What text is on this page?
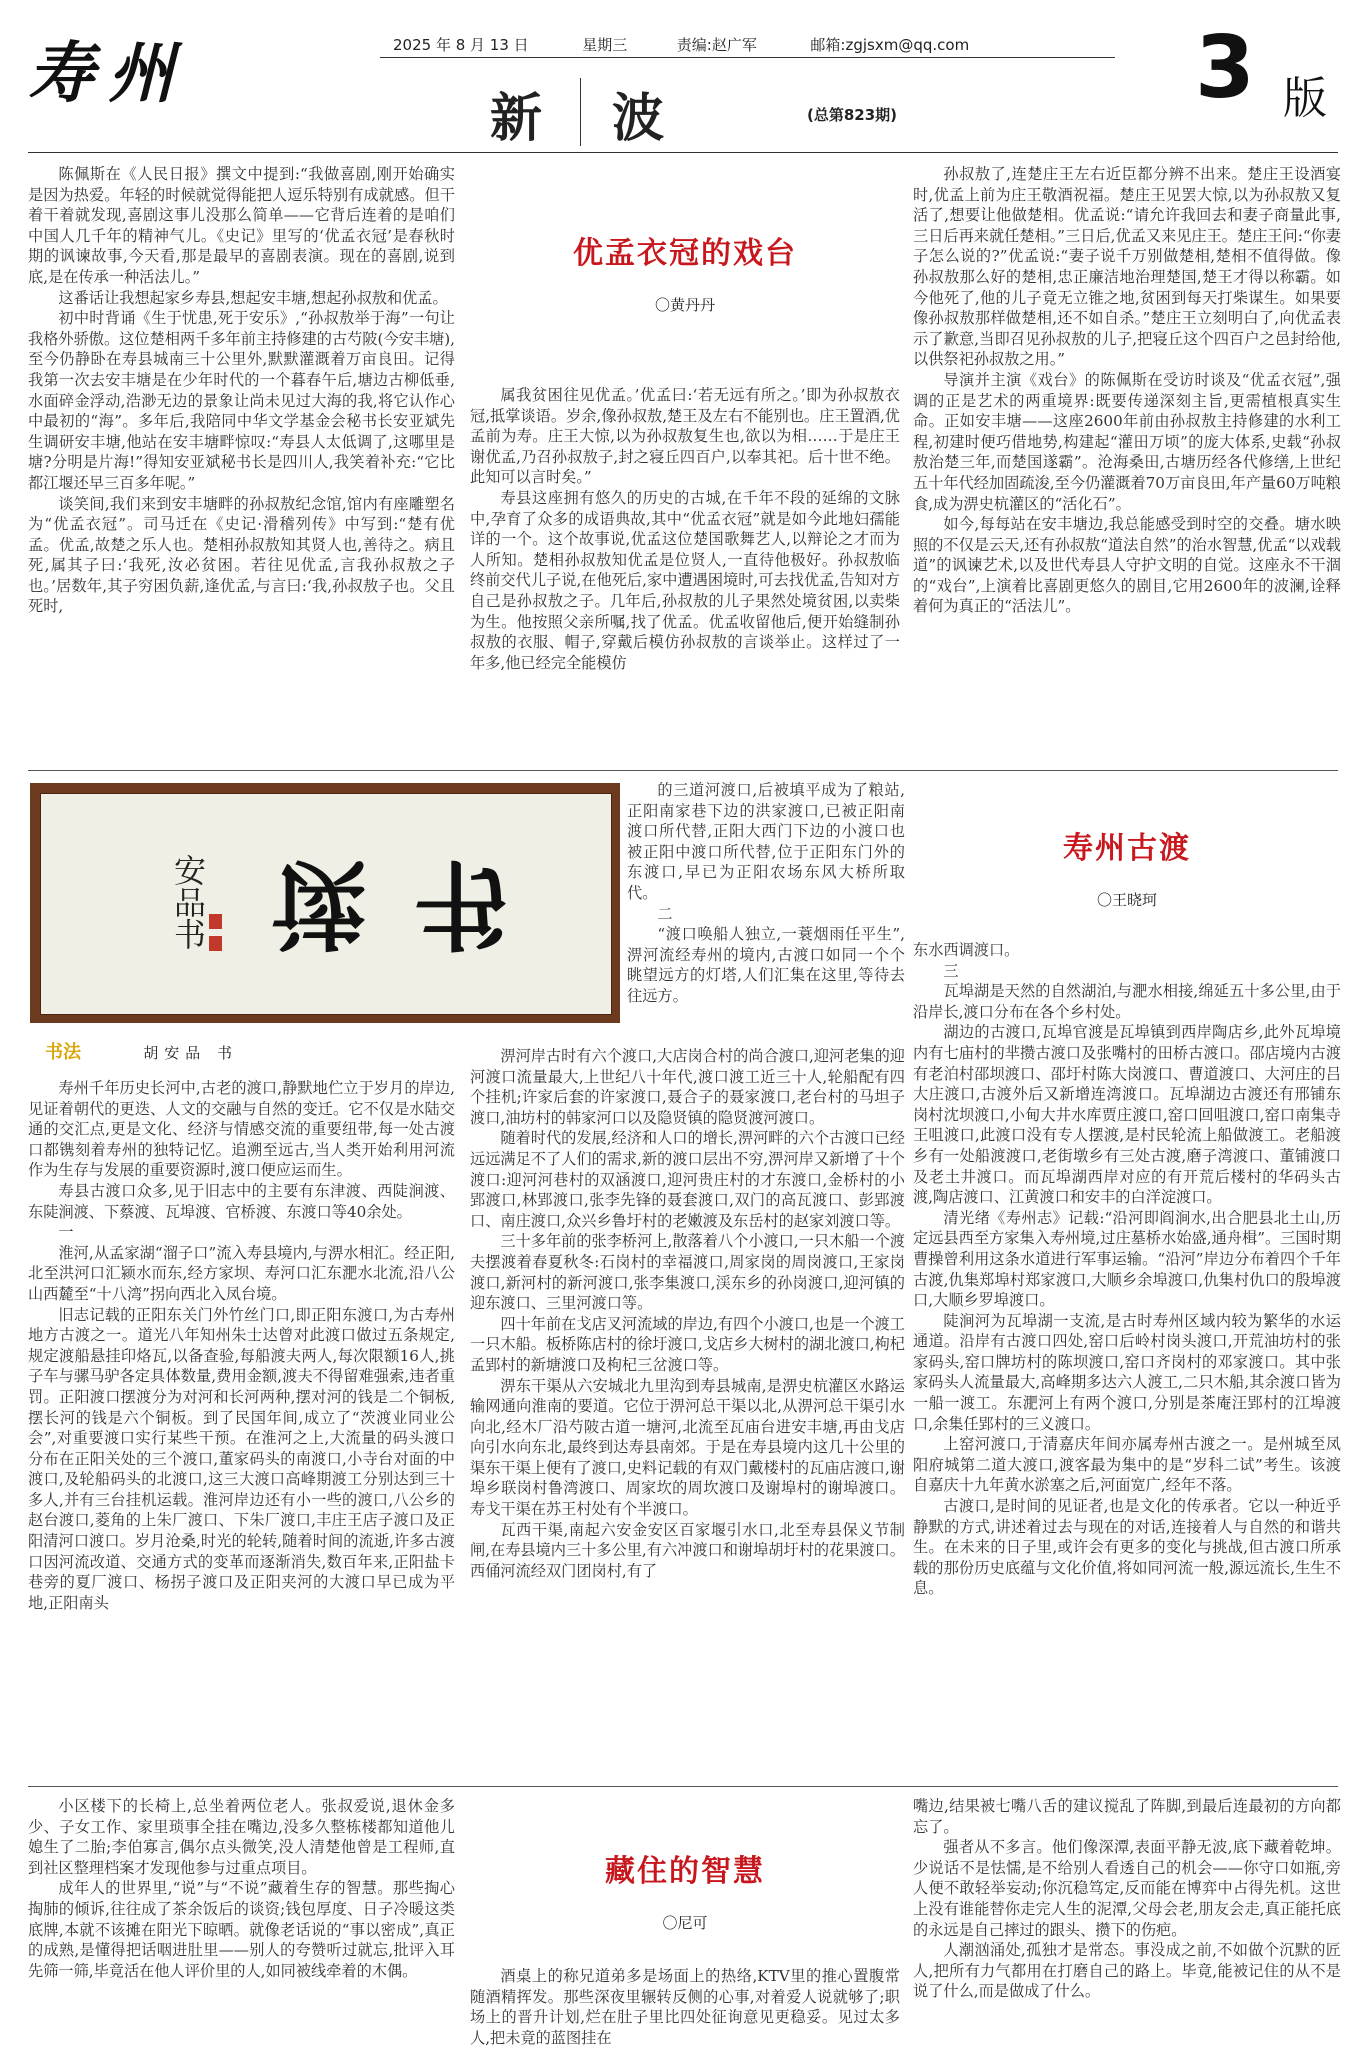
寿州	2025 年 8 月 13 日	星期三	责编:赵广军	邮箱:zgjsxm@qq.com
新 波	(总第823期)	3 版

陈佩斯在《人民日报》撰文中提到:“我做喜剧,刚开始确实是因为热爱。年轻的时候就觉得能把人逗乐特别有成就感。但干着干着就发现,喜剧这事儿没那么简单——它背后连着的是咱们中国人几千年的精神气儿。《史记》里写的‘优孟衣冠’是春秋时期的讽谏故事,今天看,那是最早的喜剧表演。现在的喜剧,说到底,是在传承一种活法儿。”

这番话让我想起家乡寿县,想起安丰塘,想起孙叔敖和优孟。

初中时背诵《生于忧患,死于安乐》,“孙叔敖举于海”一句让我格外骄傲。这位楚相两千多年前主持修建的古芍陂(今安丰塘),至今仍静卧在寿县城南三十公里外,默默灌溉着万亩良田。记得我第一次去安丰塘是在少年时代的一个暮春午后,塘边古柳低垂,水面碎金浮动,浩渺无边的景象让尚未见过大海的我,将它认作心中最初的“海”。多年后,我陪同中华文学基金会秘书长安亚斌先生调研安丰塘,他站在安丰塘畔惊叹:“寿县人太低调了,这哪里是塘?分明是片海!”得知安亚斌秘书长是四川人,我笑着补充:“它比都江堰还早三百多年呢。”

谈笑间,我们来到安丰塘畔的孙叔敖纪念馆,馆内有座雕塑名为“优孟衣冠”。司马迁在《史记·滑稽列传》中写到:“楚有优孟。优孟,故楚之乐人也。楚相孙叔敖知其贤人也,善待之。病且死,属其子曰:‘我死,汝必贫困。若往见优孟,言我孙叔敖之子也。’居数年,其子穷困负薪,逢优孟,与言曰:‘我,孙叔敖子也。父且死时,

优孟衣冠的戏台
〇黄丹丹

属我贫困往见优孟。’优孟曰:‘若无远有所之。’即为孙叔敖衣冠,抵掌谈语。岁余,像孙叔敖,楚王及左右不能别也。庄王置酒,优孟前为寿。庄王大惊,以为孙叔敖复生也,欲以为相……于是庄王谢优孟,乃召孙叔敖子,封之寝丘四百户,以奉其祀。后十世不绝。此知可以言时矣。”

寿县这座拥有悠久的历史的古城,在千年不段的延绵的文脉中,孕育了众多的成语典故,其中“优孟衣冠”就是如今此地妇孺能详的一个。这个故事说,优孟这位楚国歌舞艺人,以辩论之才而为人所知。楚相孙叔敖知优孟是位贤人,一直待他极好。孙叔敖临终前交代儿子说,在他死后,家中遭遇困境时,可去找优孟,告知对方自己是孙叔敖之子。几年后,孙叔敖的儿子果然处境贫困,以卖柴为生。他按照父亲所嘱,找了优孟。优孟收留他后,便开始缝制孙叔敖的衣服、帽子,穿戴后模仿孙叔敖的言谈举止。这样过了一年多,他已经完全能模仿

孙叔敖了,连楚庄王左右近臣都分辨不出来。楚庄王设酒宴时,优孟上前为庄王敬酒祝福。楚庄王见罢大惊,以为孙叔敖又复活了,想要让他做楚相。优孟说:“请允许我回去和妻子商量此事,三日后再来就任楚相。”三日后,优孟又来见庄王。楚庄王问:“你妻子怎么说的?”优孟说:“妻子说千万别做楚相,楚相不值得做。像孙叔敖那么好的楚相,忠正廉洁地治理楚国,楚王才得以称霸。如今他死了,他的儿子竟无立锥之地,贫困到每天打柴谋生。如果要像孙叔敖那样做楚相,还不如自杀。”楚庄王立刻明白了,向优孟表示了歉意,当即召见孙叔敖的儿子,把寝丘这个四百户之邑封给他,以供祭祀孙叔敖之用。”

导演并主演《戏台》的陈佩斯在受访时谈及“优孟衣冠”,强调的正是艺术的两重境界:既要传递深刻主旨,更需植根真实生命。正如安丰塘——这座2600年前由孙叔敖主持修建的水利工程,初建时便巧借地势,构建起“灌田万顷”的庞大体系,史载“孙叔敖治楚三年,而楚国遂霸”。沧海桑田,古塘历经各代修缮,上世纪五十年代经加固疏浚,至今仍灌溉着70万亩良田,年产量60万吨粮食,成为淠史杭灌区的“活化石”。

如今,每每站在安丰塘边,我总能感受到时空的交叠。塘水映照的不仅是云天,还有孙叔敖“道法自然”的治水智慧,优孟“以戏载道”的讽谏艺术,以及世代寿县人守护文明的自觉。这座永不干涸的“戏台”,上演着比喜剧更悠久的剧目,它用2600年的波澜,诠释着何为真正的“活法儿”。

读书
安品书
书法	胡安品 书

寿州千年历史长河中,古老的渡口,静默地伫立于岁月的岸边,见证着朝代的更迭、人文的交融与自然的变迁。它不仅是水陆交通的交汇点,更是文化、经济与情感交流的重要纽带,每一处古渡口都镌刻着寿州的独特记忆。追溯至远古,当人类开始利用河流作为生存与发展的重要资源时,渡口便应运而生。

寿县古渡口众多,见于旧志中的主要有东津渡、西陡涧渡、东陡涧渡、下蔡渡、瓦埠渡、官桥渡、东渡口等40余处。

一

淮河,从孟家湖“溜子口”流入寿县境内,与淠水相汇。经正阳,北至洪河口汇颍水而东,经方家坝、寿河口汇东淝水北流,沿八公山西麓至“十八湾”拐向西北入凤台境。

旧志记载的正阳东关门外竹丝门口,即正阳东渡口,为古寿州地方古渡之一。道光八年知州朱士达曾对此渡口做过五条规定,规定渡船悬挂印烙瓦,以备查验,每船渡夫两人,每次限额16人,挑子车与骡马驴各定具体数量,费用金额,渡夫不得留难强索,违者重罚。正阳渡口摆渡分为对河和长河两种,摆对河的钱是二个铜板,摆长河的钱是六个铜板。到了民国年间,成立了“茨渡业同业公会”,对重要渡口实行某些干预。在淮河之上,大流量的码头渡口分布在正阳关处的三个渡口,董家码头的南渡口,小寺台对面的中渡口,及轮船码头的北渡口,这三大渡口高峰期渡工分别达到三十多人,并有三台挂机运载。淮河岸边还有小一些的渡口,八公乡的赵台渡口,菱角的上朱厂渡口、下朱厂渡口,丰庄王店子渡口及正阳清河口渡口。岁月沧桑,时光的轮转,随着时间的流逝,许多古渡口因河流改道、交通方式的变革而逐渐消失,数百年来,正阳盐卡巷旁的夏厂渡口、杨拐子渡口及正阳夹河的大渡口早已成为平地,正阳南头

的三道河渡口,后被填平成为了粮站,正阳南家巷下边的洪家渡口,已被正阳南渡口所代替,正阳大西门下边的小渡口也被正阳中渡口所代替,位于正阳东门外的东渡口,早已为正阳农场东风大桥所取代。

二

“渡口唤船人独立,一蓑烟雨任平生”,淠河流经寿州的境内,古渡口如同一个个眺望远方的灯塔,人们汇集在这里,等待去往远方。

淠河岸古时有六个渡口,大店岗合村的尚合渡口,迎河老集的迎河渡口流量最大,上世纪八十年代,渡口渡工近三十人,轮船配有四个挂机;许家后套的许家渡口,聂合子的聂家渡口,老台村的马坦子渡口,油坊村的韩家河口以及隐贤镇的隐贤渡河渡口。

随着时代的发展,经济和人口的增长,淠河畔的六个古渡口已经远远满足不了人们的需求,新的渡口层出不穷,淠河岸又新增了十个渡口:迎河河巷村的双涵渡口,迎河贵庄村的才东渡口,金桥村的小郢渡口,林郢渡口,张李先锋的聂套渡口,双门的高瓦渡口、彭郢渡口、南庄渡口,众兴乡鲁圩村的老嫩渡及东岳村的赵家刘渡口等。

三十多年前的张李桥河上,散落着八个小渡口,一只木船一个渡夫摆渡着春夏秋冬:石岗村的幸福渡口,周家岗的周岗渡口,王家岗渡口,新河村的新河渡口,张李集渡口,渓东乡的孙岗渡口,迎河镇的迎东渡口、三里河渡口等。

四十年前在戈店叉河流域的岸边,有四个小渡口,也是一个渡工一只木船。板桥陈店村的徐圩渡口,戈店乡大树村的湖北渡口,枸杞孟郢村的新塘渡口及枸杞三岔渡口等。

淠东干渠从六安城北九里沟到寿县城南,是淠史杭灌区水路运输网通向淮南的要道。它位于淠河总干渠以北,从淠河总干渠引水向北,经木厂沿芍陂古道一塘河,北流至瓦庙台进安丰塘,再由戈店向引水向东北,最终到达寿县南郊。于是在寿县境内这几十公里的渠东干渠上便有了渡口,史料记载的有双门戴楼村的瓦庙店渡口,谢埠乡联岗村鲁湾渡口、周家坎的周坎渡口及谢埠村的谢埠渡口。寿戈干渠在苏王村处有个半渡口。

瓦西干渠,南起六安金安区百家堰引水口,北至寿县保义节制闸,在寿县境内三十多公里,有六冲渡口和谢埠胡圩村的花果渡口。西俑河流经双门团岗村,有了

寿州古渡
〇王晓珂

东水西调渡口。

三

瓦埠湖是天然的自然湖泊,与淝水相接,绵延五十多公里,由于沿岸长,渡口分布在各个乡村处。

湖边的古渡口,瓦埠官渡是瓦埠镇到西岸陶店乡,此外瓦埠境内有七庙村的芈攒古渡口及张嘴村的田桥古渡口。邵店境内古渡有老泊村邵坝渡口、邵圩村陈大岗渡口、曹道渡口、大河庄的吕大庄渡口,古渡外后又新增连湾渡口。瓦埠湖边古渡还有邢铺东岗村沈坝渡口,小甸大井水库贾庄渡口,窑口回咀渡口,窑口南集寺王咀渡口,此渡口没有专人摆渡,是村民轮流上船做渡工。老船渡乡有一处船渡渡口,老街墩乡有三处古渡,磨子湾渡口、董铺渡口及老土井渡口。而瓦埠湖西岸对应的有开荒后楼村的华码头古渡,陶店渡口、江黄渡口和安丰的白洋淀渡口。

清光绪《寿州志》记载:“沿河即阎涧水,出合肥县北土山,历定远县西至方家集入寿州境,过庄墓桥水始盛,通舟楫”。三国时期曹操曾利用这条水道进行军事运输。“沿河”岸边分布着四个千年古渡,仇集郑埠村郑家渡口,大顺乡余埠渡口,仇集村仇口的殷埠渡口,大顺乡罗埠渡口。

陡涧河为瓦埠湖一支流,是古时寿州区域内较为繁华的水运通道。沿岸有古渡口四处,窑口后岭村岗头渡口,开荒油坊村的张家码头,窑口牌坊村的陈坝渡口,窑口齐岗村的邓家渡口。其中张家码头人流量最大,高峰期多达六人渡工,二只木船,其余渡口皆为一船一渡工。东淝河上有两个渡口,分别是茶庵汪郢村的江埠渡口,余集任郢村的三义渡口。

上窑河渡口,于清嘉庆年间亦属寿州古渡之一。是州城至凤阳府城第二道大渡口,渡客最为集中的是“岁科二试”考生。该渡自嘉庆十九年黄水淤塞之后,河面宽广,经年不落。

古渡口,是时间的见证者,也是文化的传承者。它以一种近乎静默的方式,讲述着过去与现在的对话,连接着人与自然的和谐共生。在未来的日子里,或许会有更多的变化与挑战,但古渡口所承载的那份历史底蕴与文化价值,将如同河流一般,源远流长,生生不息。

小区楼下的长椅上,总坐着两位老人。张叔爱说,退休金多少、子女工作、家里琐事全挂在嘴边,没多久整栋楼都知道他儿媳生了二胎;李伯寡言,偶尔点头微笑,没人清楚他曾是工程师,直到社区整理档案才发现他参与过重点项目。

成年人的世界里,“说”与“不说”藏着生存的智慧。那些掏心掏肺的倾诉,往往成了茶余饭后的谈资;钱包厚度、日子冷暖这类底牌,本就不该摊在阳光下晾晒。就像老话说的“事以密成”,真正的成熟,是懂得把话咽进肚里——别人的夸赞听过就忘,批评入耳先筛一筛,毕竟活在他人评价里的人,如同被线牵着的木偶。

藏住的智慧
〇尼可

酒桌上的称兄道弟多是场面上的热络,KTV里的推心置腹常随酒精挥发。那些深夜里辗转反侧的心事,对着爱人说就够了;职场上的晋升计划,烂在肚子里比四处征询意见更稳妥。见过太多人,把未竟的蓝图挂在

嘴边,结果被七嘴八舌的建议搅乱了阵脚,到最后连最初的方向都忘了。

强者从不多言。他们像深潭,表面平静无波,底下藏着乾坤。少说话不是怯懦,是不给别人看透自己的机会——你守口如瓶,旁人便不敢轻举妄动;你沉稳笃定,反而能在博弈中占得先机。这世上没有谁能替你走完人生的泥潭,父母会老,朋友会走,真正能托底的永远是自己摔过的跟头、攒下的伤疤。

人潮汹涌处,孤独才是常态。事没成之前,不如做个沉默的匠人,把所有力气都用在打磨自己的路上。毕竟,能被记住的从不是说了什么,而是做成了什么。
